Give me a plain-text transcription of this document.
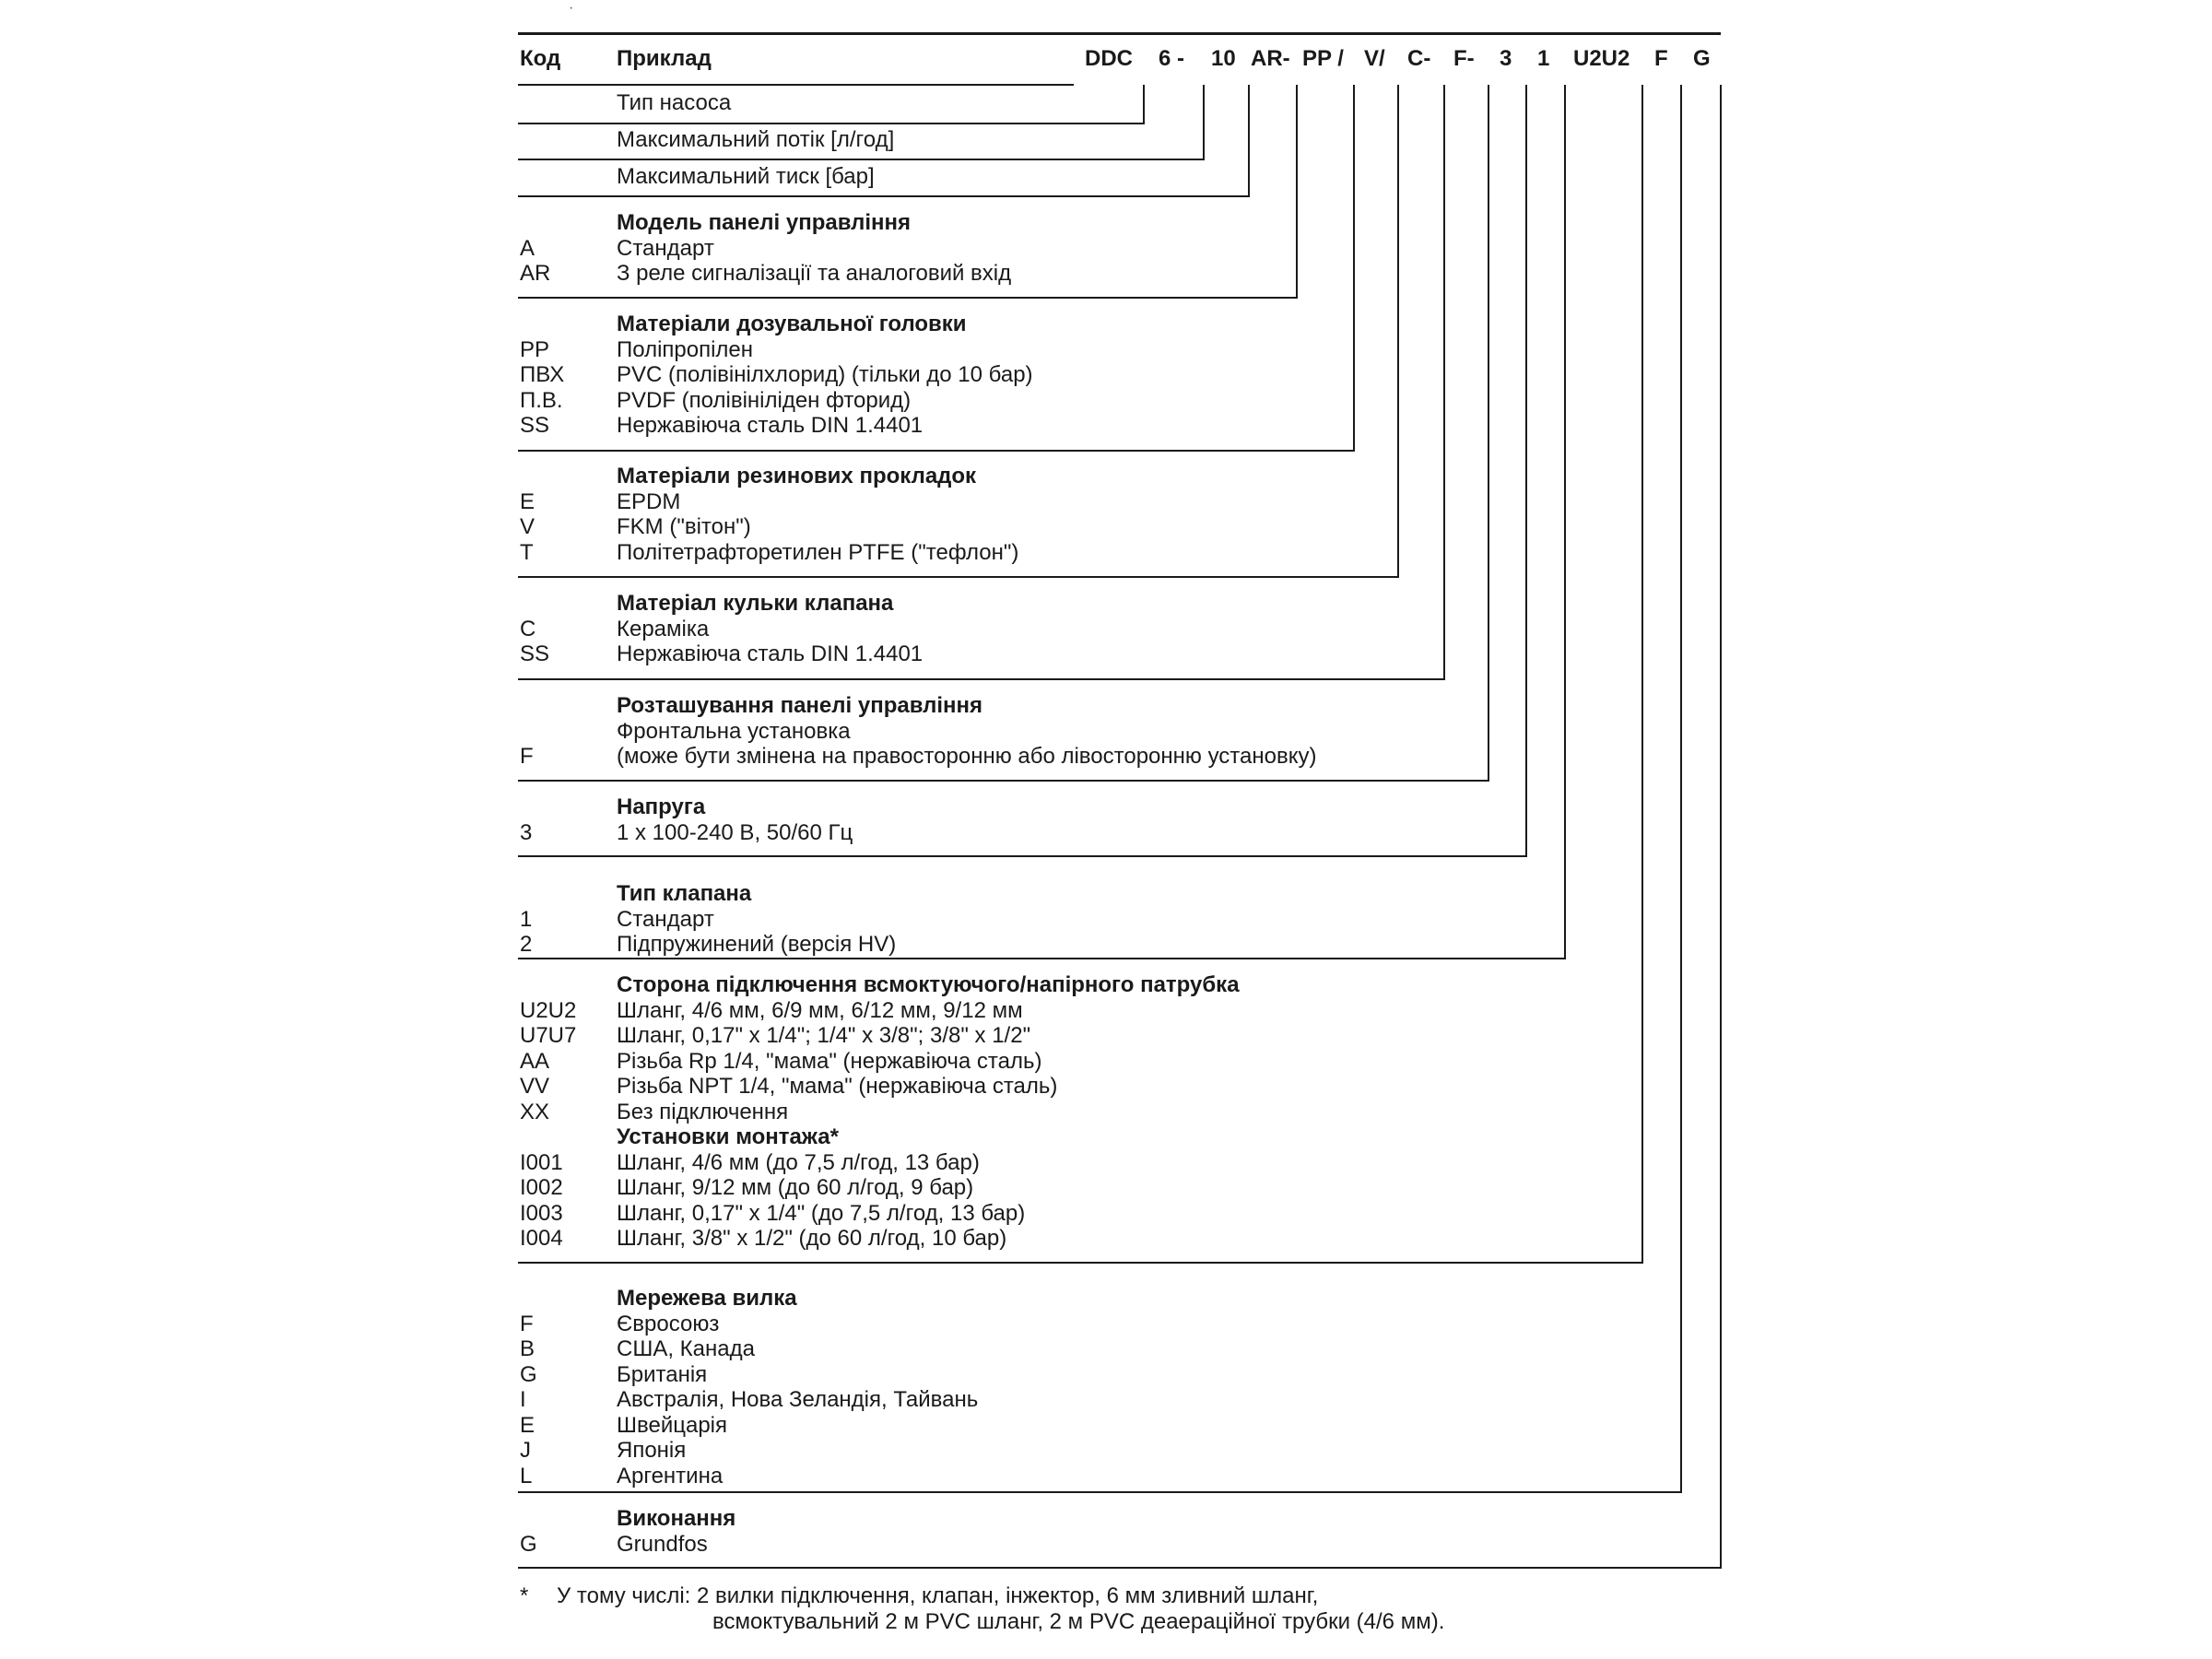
·
Код	Приклад	DDC 6 - 10 AR- PP / V/ C- F- 3 1 U2U2 F G
Тип насоса
Максимальний потік [л/год]
Максимальний тиск [бар]
Модель панелі управління
A	Стандарт
AR	З реле сигналізації та аналоговий вхід
Матеріали дозувальної головки
PP	Поліпропілен
ПВХ PVC (полівінілхлорид) (тільки до 10 бар)
П.В. PVDF (полівініліден фторид)
SS	Нержавіюча сталь DIN 1.4401
Матеріали резинових прокладок
E	EPDM
V	FKM ("вітон")
T	Політетрафторетилен PTFE ("тефлон")
Матеріал кульки клапана
C	Кераміка
SS	Нержавіюча сталь DIN 1.4401
Розташування панелі управління
Фронтальна установка
F	(може бути змінена на правосторонню або лівосторонню установку)
Напруга
3	1 x 100-240 В, 50/60 Гц
Тип клапана
1	Стандарт
2	Підпружинений (версія HV)
Сторона підключення всмоктуючого/напірного патрубка
U2U2 Шланг, 4/6 мм, 6/9 мм, 6/12 мм, 9/12 мм
U7U7 Шланг, 0,17" x 1/4"; 1/4" x 3/8"; 3/8" x 1/2"
AA	Різьба Rp 1/4, "мама" (нержавіюча сталь)
VV	Різьба NPT 1/4, "мама" (нержавіюча сталь)
XX	Без підключення
Установки монтажа*
I001 Шланг, 4/6 мм (до 7,5 л/год, 13 бар)
I002 Шланг, 9/12 мм (до 60 л/год, 9 бар)
I003 Шланг, 0,17" x 1/4" (до 7,5 л/год, 13 бар)
I004 Шланг, 3/8" x 1/2" (до 60 л/год, 10 бар)
Мережева вилка
F	Євросоюз
B	США, Канада
G	Британія
I	Австралія, Нова Зеландія, Тайвань
E	Швейцарія
J	Японія
L	Аргентина
Виконання
G	Grundfos
* У тому числі: 2 вилки підключення, клапан, інжектор, 6 мм зливний шланг,
всмоктувальний 2 м PVC шланг, 2 м PVC деаераційної трубки (4/6 мм).
